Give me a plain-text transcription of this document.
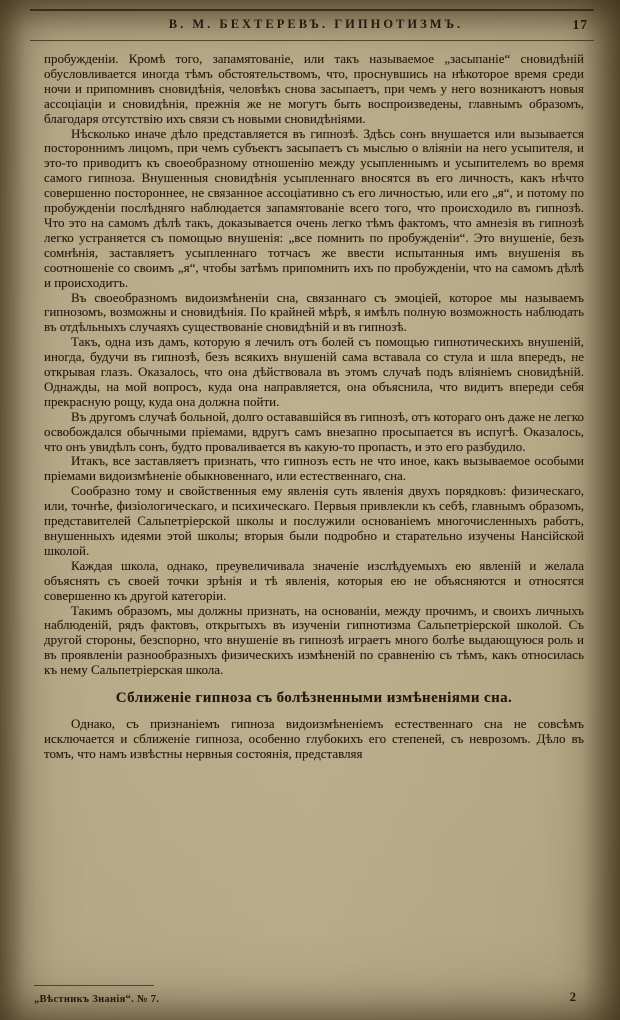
В. М. БЕХТЕРЕВЪ. ГИПНОТИЗМЪ.	17

пробужденіи. Кромѣ того, запамятованіе, или такъ называемое „засыпаніе“ сновидѣній обусловливается иногда тѣмъ обстоятельствомъ, что, проснувшись на нѣкоторое время среди ночи и припомнивъ сновидѣнія, человѣкъ снова засыпаетъ, при чемъ у него возникаютъ новыя ассоціаціи и сновидѣнія, прежнія же не могутъ быть воспроизведены, главнымъ образомъ, благодаря отсутствію ихъ связи съ новыми сновидѣніями.

Нѣсколько иначе дѣло представляется въ гипнозѣ. Здѣсь сонъ внушается или вызывается постороннимъ лицомъ, при чемъ субъектъ засыпаетъ съ мыслью о вліяніи на него усыпителя, и это-то приводитъ къ своеобразному отношенію между усыпленнымъ и усыпителемъ во время самого гипноза. Внушенныя сновидѣнія усыпленнаго вносятся въ его личность, какъ нѣчто совершенно постороннее, не связанное ассоціативно съ его личностью, или его „я“, и потому по пробужденіи послѣдняго наблюдается запамятованіе всего того, что происходило въ гипнозѣ. Что это на самомъ дѣлѣ такъ, доказывается очень легко тѣмъ фактомъ, что амнезія въ гипнозѣ легко устраняется съ помощью внушенія: „все помнить по пробужденіи“. Это внушеніе, безъ сомнѣнія, заставляетъ усыпленнаго тотчасъ же ввести испытанныя имъ внушенія въ соотношеніе со своимъ „я“, чтобы затѣмъ припомнить ихъ по пробужденіи, что на самомъ дѣлѣ и происходитъ.

Въ своеобразномъ видоизмѣненіи сна, связаннаго съ эмоціей, которое мы называемъ гипнозомъ, возможны и сновидѣнія. По крайней мѣрѣ, я имѣлъ полную возможность наблюдать въ отдѣльныхъ случаяхъ существованіе сновидѣній и въ гипнозѣ.

Такъ, одна изъ дамъ, которую я лечилъ отъ болей съ помощью гипнотическихъ внушеній, иногда, будучи въ гипнозѣ, безъ всякихъ внушеній сама вставала со стула и шла впередъ, не открывая глазъ. Оказалось, что она дѣйствовала въ этомъ случаѣ подъ вліяніемъ сновидѣній. Однажды, на мой вопросъ, куда она направляется, она объяснила, что видитъ впереди себя прекрасную рощу, куда она должна пойти.

Въ другомъ случаѣ больной, долго остававшійся въ гипнозѣ, отъ котораго онъ даже не легко освобождался обычными пріемами, вдругъ самъ внезапно просыпается въ испугѣ. Оказалось, что онъ увидѣлъ сонъ, будто проваливается въ какую-то пропасть, и это его разбудило.

Итакъ, все заставляетъ признать, что гипнозъ есть не что иное, какъ вызываемое особыми пріемами видоизмѣненіе обыкновеннаго, или естественнаго, сна.

Сообразно тому и свойственныя ему явленія суть явленія двухъ порядковъ: физическаго, или, точнѣе, физіологическаго, и психическаго. Первыя привлекли къ себѣ, главнымъ образомъ, представителей Сальпетріерской школы и послужили основаніемъ многочисленныхъ работъ, внушенныхъ идеями этой школы; вторыя были подробно и старательно изучены Нансійской школой.

Каждая школа, однако, преувеличивала значеніе изслѣдуемыхъ ею явленій и желала объяснять съ своей точки зрѣнія и тѣ явленія, которыя ею не объясняются и относятся совершенно къ другой категоріи.

Такимъ образомъ, мы должны признать, на основаніи, между прочимъ, и своихъ личныхъ наблюденій, рядъ фактовъ, открытыхъ въ изученіи гипнотизма Сальпетріерской школой. Съ другой стороны, безспорно, что внушеніе въ гипнозѣ играетъ много болѣе выдающуюся роль и въ проявленіи разнообразныхъ физическихъ измѣненій по сравненію съ тѣмъ, какъ относилась къ нему Сальпетріерская школа.

Сближеніе гипноза съ болѣзненными измѣненіями сна.

Однако, съ признаніемъ гипноза видоизмѣненіемъ естественнаго сна не совсѣмъ исключается и сближеніе гипноза, особенно глубокихъ его степеней, съ неврозомъ. Дѣло въ томъ, что намъ извѣстны нервныя состоянія, представляя

„Вѣстникъ Знанія“. № 7.	2
